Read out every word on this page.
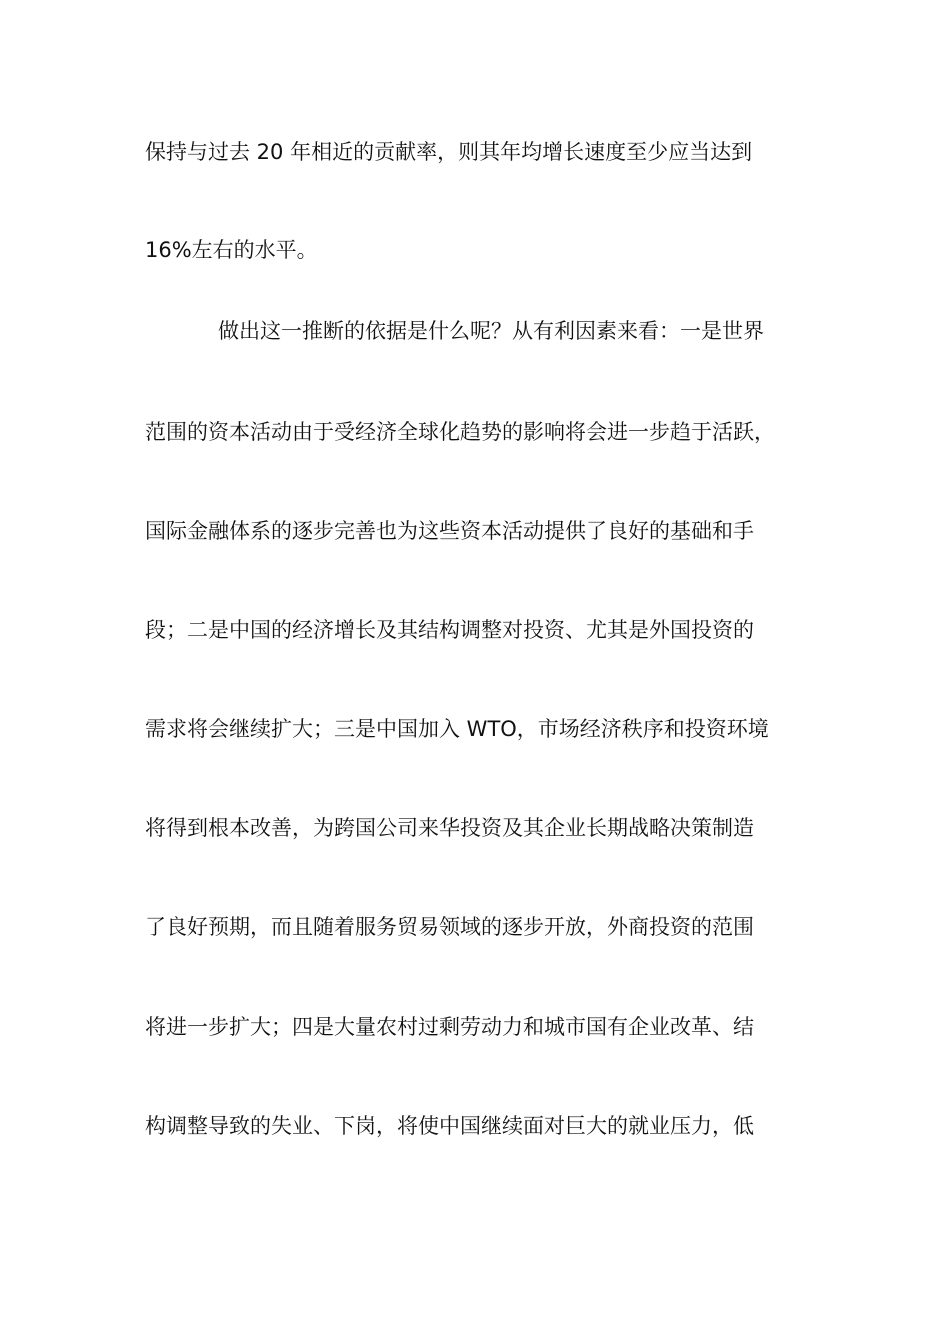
保持与过去 20 年相近的贡献率，则其年均增长速度至少应当达到
16%左右的水平。
做出这一推断的依据是什么呢？从有利因素来看：一是世界
范围的资本活动由于受经济全球化趋势的影响将会进一步趋于活跃，
国际金融体系的逐步完善也为这些资本活动提供了良好的基础和手
段；二是中国的经济增长及其结构调整对投资、尤其是外国投资的
需求将会继续扩大；三是中国加入 WTO，市场经济秩序和投资环境
将得到根本改善，为跨国公司来华投资及其企业长期战略决策制造
了良好预期，而且随着服务贸易领域的逐步开放，外商投资的范围
将进一步扩大；四是大量农村过剩劳动力和城市国有企业改革、结
构调整导致的失业、下岗，将使中国继续面对巨大的就业压力，低
